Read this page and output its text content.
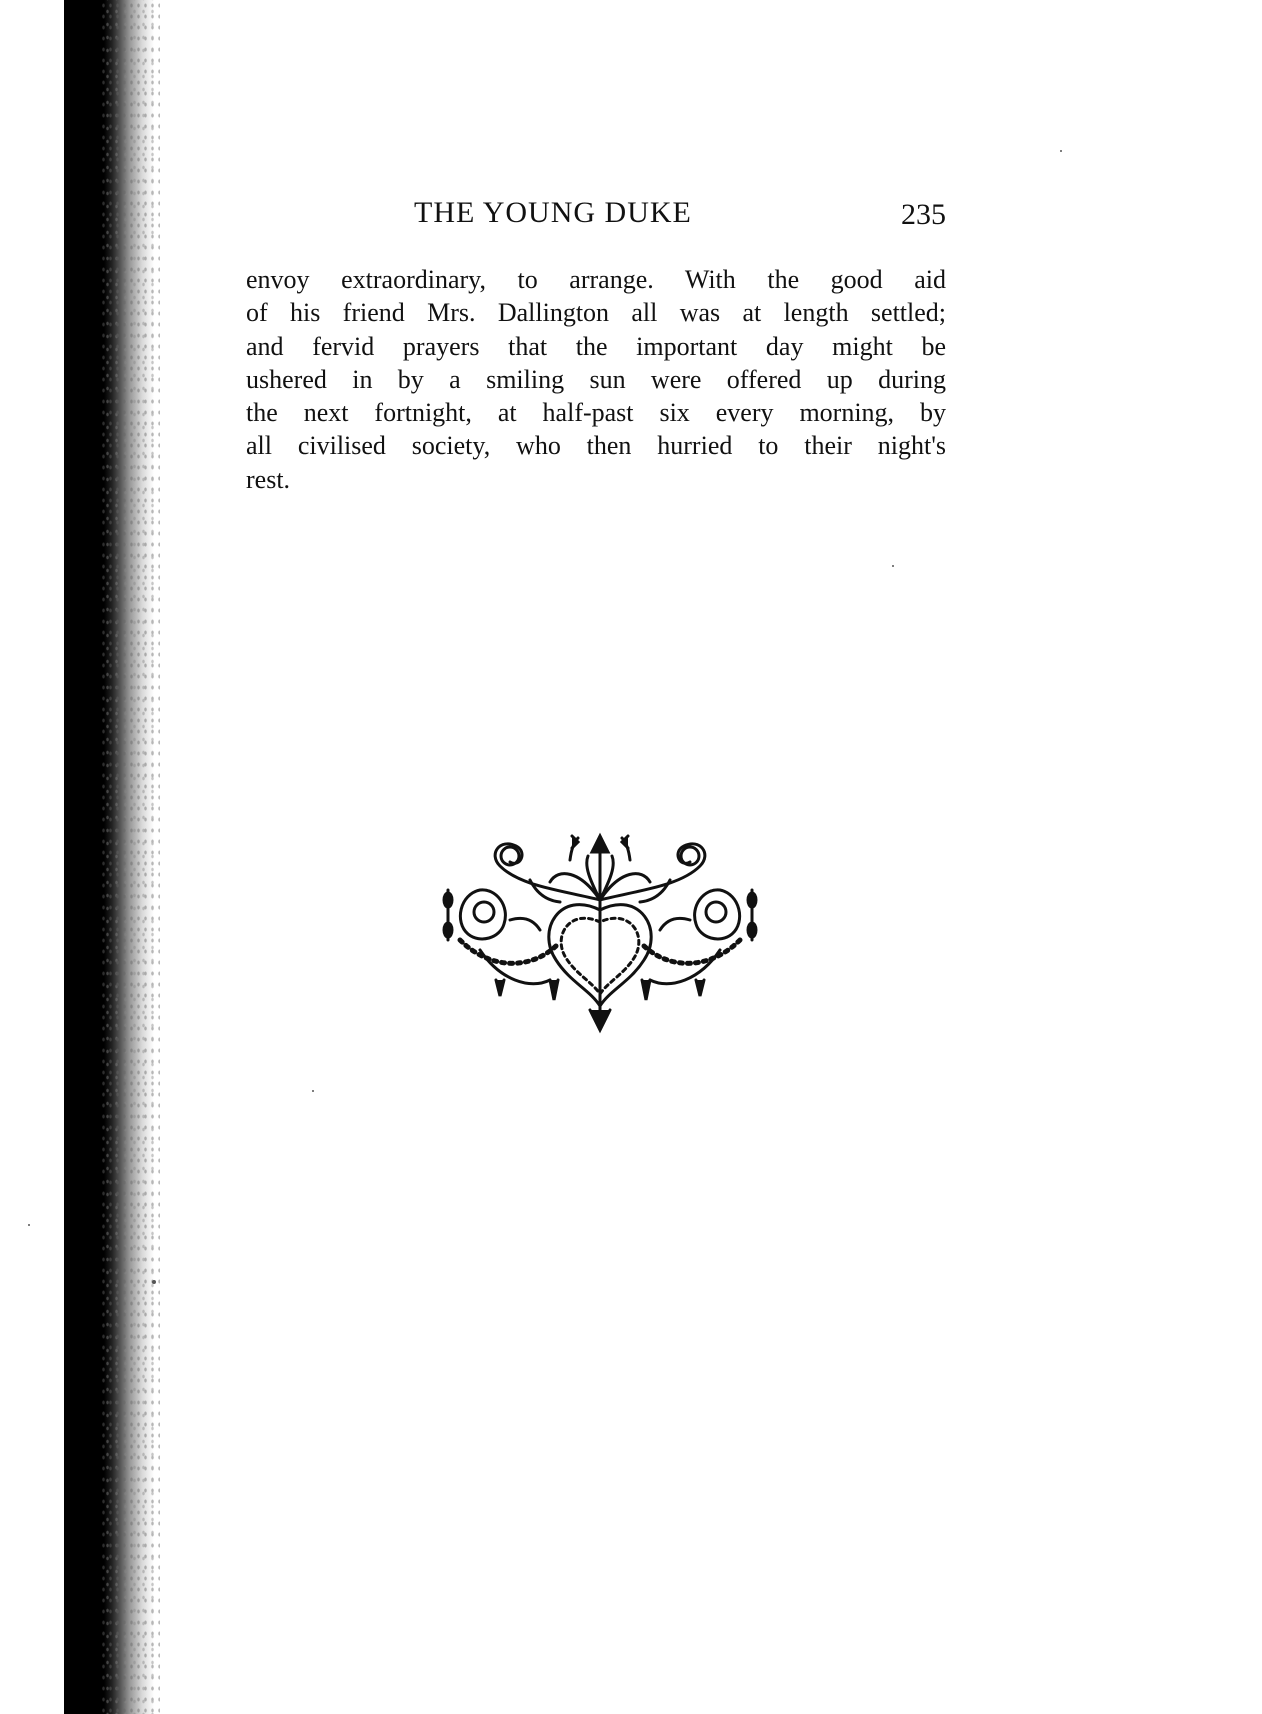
THE YOUNG DUKE	235
envoy extraordinary, to arrange. With the good aid
of his friend Mrs. Dallington all was at length settled;
and fervid prayers that the important day might be
ushered in by a smiling sun were offered up during
the next fortnight, at half-past six every morning, by
all civilised society, who then hurried to their night's
rest.
